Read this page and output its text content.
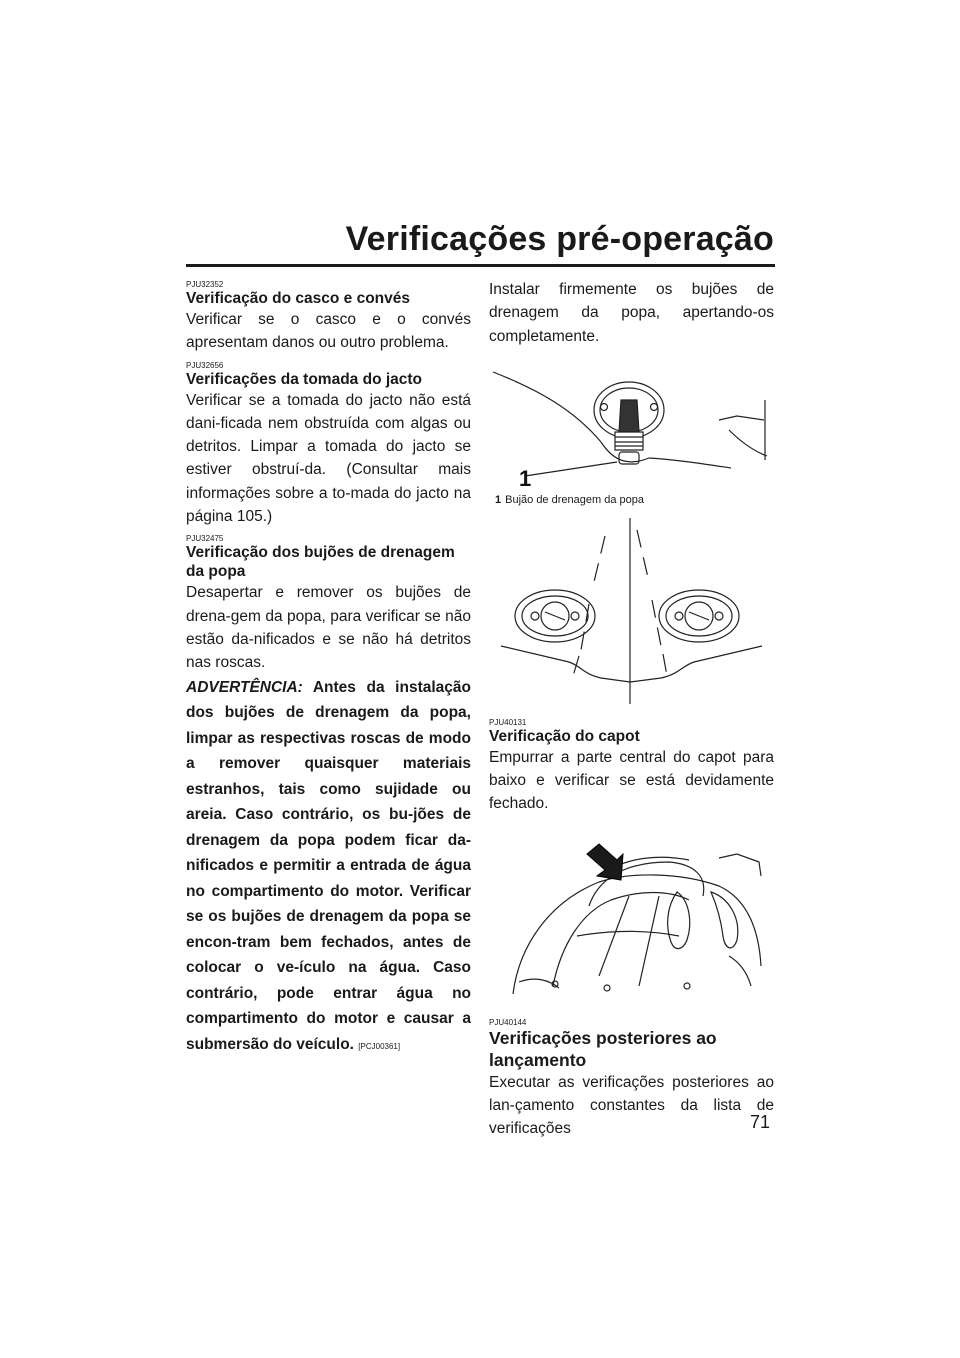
Verificações pré-operação
PJU32352
Verificação do casco e convés

Verificar se o casco e o convés apresentam danos ou outro problema.

PJU32656
Verificações da tomada do jacto

Verificar se a tomada do jacto não está dani-ficada nem obstruída com algas ou detritos. Limpar a tomada do jacto se estiver obstruí-da. (Consultar mais informações sobre a to-mada do jacto na página 105.)

PJU32475
Verificação dos bujões de drenagem da popa

Desapertar e remover os bujões de drena-gem da popa, para verificar se não estão da-nificados e se não há detritos nas roscas.

ADVERTÊNCIA: Antes da instalação dos bujões de drenagem da popa, limpar as respectivas roscas de modo a remover quaisquer materiais estranhos, tais como sujidade ou areia. Caso contrário, os bu-jões de drenagem da popa podem ficar da-nificados e permitir a entrada de água no compartimento do motor. Verificar se os bujões de drenagem da popa se encon-tram bem fechados, antes de colocar o ve-ículo na água. Caso contrário, pode entrar água no compartimento do motor e causar a submersão do veículo. [PCJ00361]

Instalar firmemente os bujões de drenagem da popa, apertando-os completamente.

1
1 Bujão de drenagem da popa
PJU40131
Verificação do capot

Empurrar a parte central do capot para baixo e verificar se está devidamente fechado.

PJU40144
Verificações posteriores ao lançamento

Executar as verificações posteriores ao lan-çamento constantes da lista de verificações	71
